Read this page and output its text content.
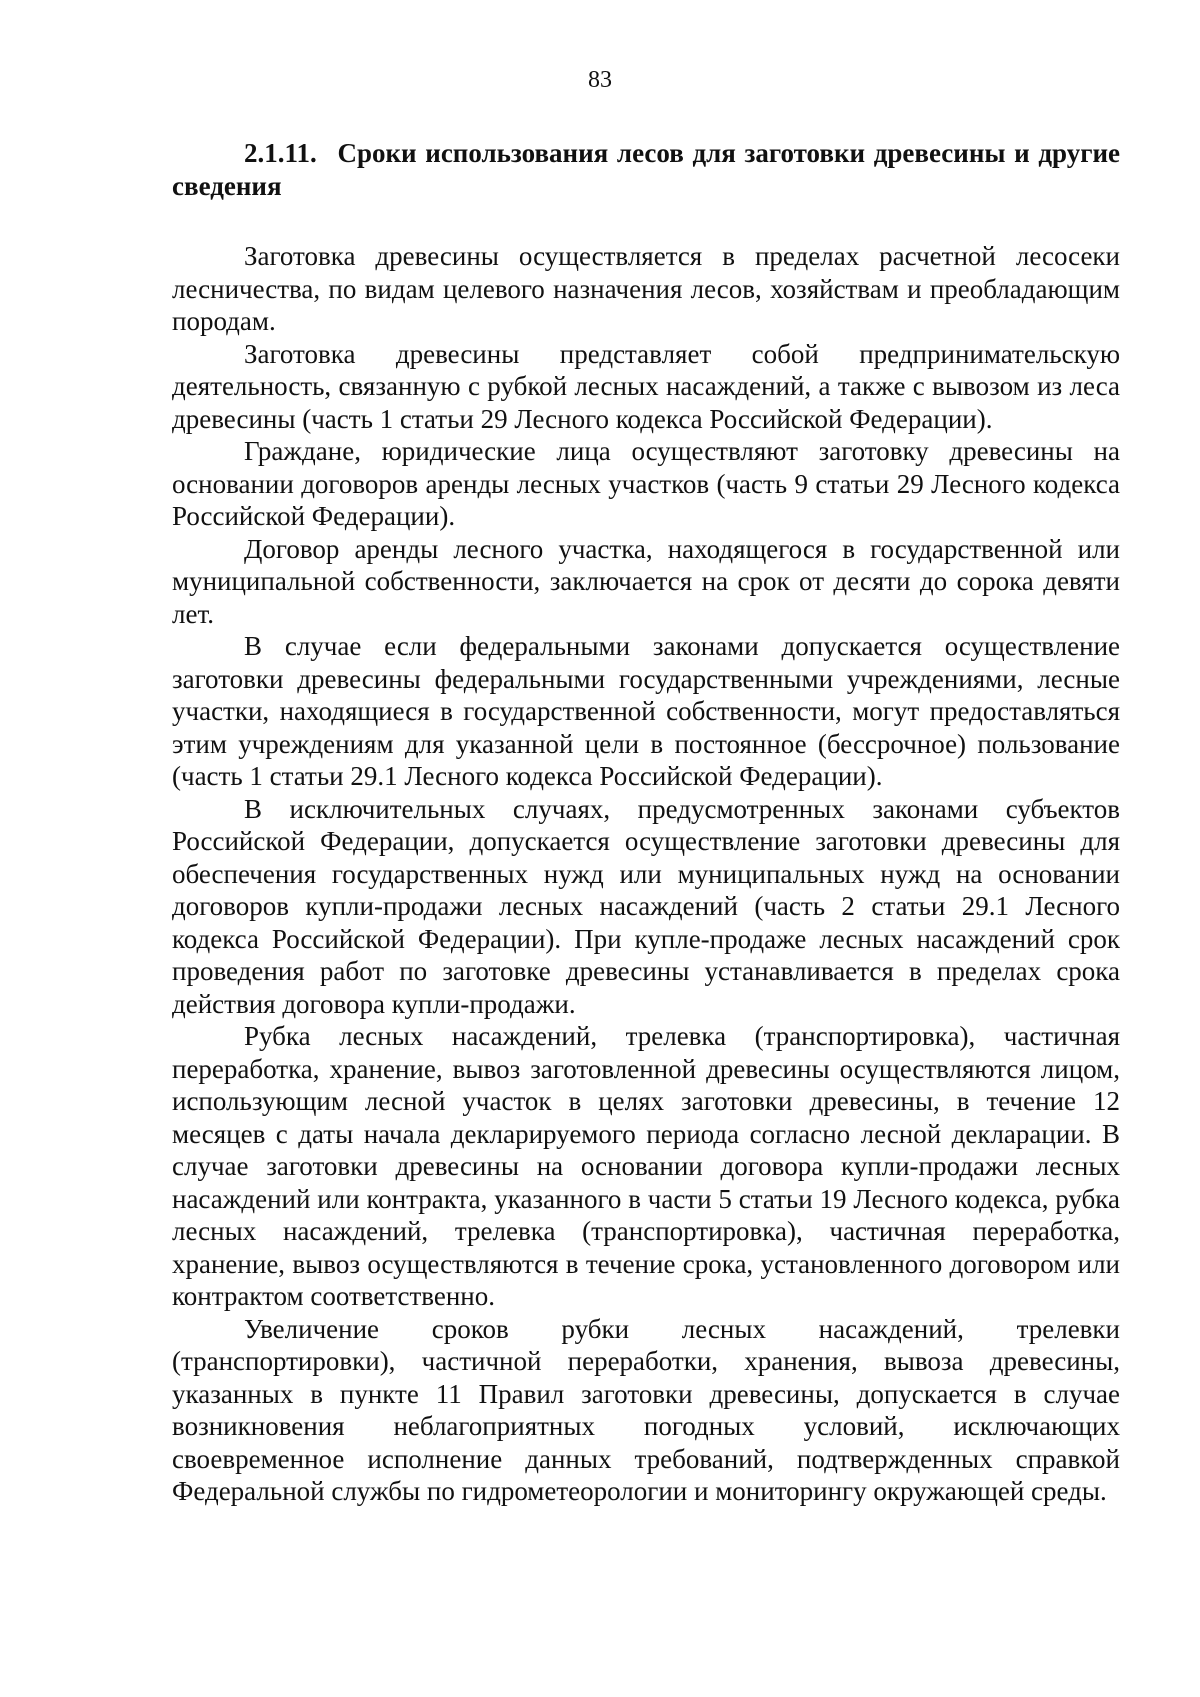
83
2.1.11. Сроки использования лесов для заготовки древесины и другие сведения

Заготовка древесины осуществляется в пределах расчетной лесосеки лесничества, по видам целевого назначения лесов, хозяйствам и преобладающим породам.

Заготовка древесины представляет собой предпринимательскую деятельность, связанную с рубкой лесных насаждений, а также с вывозом из леса древесины (часть 1 статьи 29 Лесного кодекса Российской Федерации).

Граждане, юридические лица осуществляют заготовку древесины на основании договоров аренды лесных участков (часть 9 статьи 29 Лесного кодекса Российской Федерации).

Договор аренды лесного участка, находящегося в государственной или муниципальной собственности, заключается на срок от десяти до сорока девяти лет.

В случае если федеральными законами допускается осуществление заготовки древесины федеральными государственными учреждениями, лесные участки, находящиеся в государственной собственности, могут предоставляться этим учреждениям для указанной цели в постоянное (бессрочное) пользование (часть 1 статьи 29.1 Лесного кодекса Российской Федерации).

В исключительных случаях, предусмотренных законами субъектов Российской Федерации, допускается осуществление заготовки древесины для обеспечения государственных нужд или муниципальных нужд на основании договоров купли-продажи лесных насаждений (часть 2 статьи 29.1 Лесного кодекса Российской Федерации). При купле-продаже лесных насаждений срок проведения работ по заготовке древесины устанавливается в пределах срока действия договора купли-продажи.

Рубка лесных насаждений, трелевка (транспортировка), частичная переработка, хранение, вывоз заготовленной древесины осуществляются лицом, использующим лесной участок в целях заготовки древесины, в течение 12 месяцев с даты начала декларируемого периода согласно лесной декларации. В случае заготовки древесины на основании договора купли-продажи лесных насаждений или контракта, указанного в части 5 статьи 19 Лесного кодекса, рубка лесных насаждений, трелевка (транспортировка), частичная переработка, хранение, вывоз осуществляются в течение срока, установленного договором или контрактом соответственно.

Увеличение сроков рубки лесных насаждений, трелевки (транспортировки), частичной переработки, хранения, вывоза древесины, указанных в пункте 11 Правил заготовки древесины, допускается в случае возникновения неблагоприятных погодных условий, исключающих своевременное исполнение данных требований, подтвержденных справкой Федеральной службы по гидрометеорологии и мониторингу окружающей среды.
